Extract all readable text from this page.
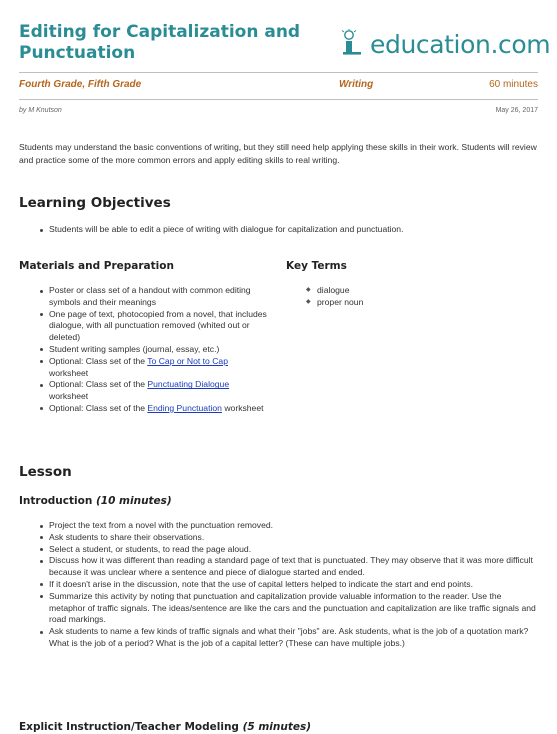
Editing for Capitalization and Punctuation	education.com
Fourth Grade, Fifth Grade	Writing	60 minutes
by M Knutson	May 26, 2017

Students may understand the basic conventions of writing, but they still need help applying these skills in their work. Students will review and practice some of the more common errors and apply editing skills to real writing.

Learning Objectives
Students will be able to edit a piece of writing with dialogue for capitalization and punctuation.
Materials and Preparation
Poster or class set of a handout with common editing symbols and their meanings
One page of text, photocopied from a novel, that includes dialogue, with all punctuation removed (whited out or deleted)
Student writing samples (journal, essay, etc.)
Optional: Class set of the To Cap or Not to Cap worksheet
Optional: Class set of the Punctuating Dialogue worksheet
Optional: Class set of the Ending Punctuation worksheet
Key Terms
◆ dialogue
◆ proper noun
Lesson
Introduction (10 minutes)
Project the text from a novel with the punctuation removed.
Ask students to share their observations.
Select a student, or students, to read the page aloud.
Discuss how it was different than reading a standard page of text that is punctuated. They may observe that it was more difficult because it was unclear where a sentence and piece of dialogue started and ended.
If it doesn't arise in the discussion, note that the use of capital letters helped to indicate the start and end points.
Summarize this activity by noting that punctuation and capitalization provide valuable information to the reader. Use the metaphor of traffic signals. The ideas/sentence are like the cars and the punctuation and capitalization are like traffic signals and road markings.
Ask students to name a few kinds of traffic signals and what their "jobs" are. Ask students, what is the job of a quotation mark? What is the job of a period? What is the job of a capital letter? (These can have multiple jobs.)
Explicit Instruction/Teacher Modeling (5 minutes)
